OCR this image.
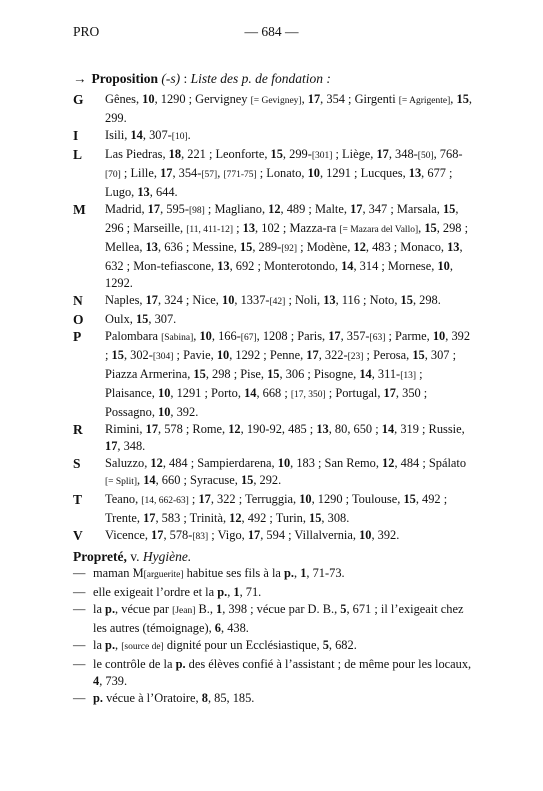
PRO	— 684 —
→ Proposition (-s) : Liste des p. de fondation :
G Gênes, 10, 1290 ; Gervigney [= Gevigney], 17, 354 ; Girgenti [= Agrigente], 15, 299.
I Isili, 14, 307-[10].
L Las Piedras, 18, 221 ; Leonforte, 15, 299-[301] ; Liège, 17, 348-[50], 768-[70] ; Lille, 17, 354-[57], [771-75] ; Lonato, 10, 1291 ; Lucques, 13, 677 ; Lugo, 13, 644.
M Madrid, 17, 595-[98] ; Magliano, 12, 489 ; Malte, 17, 347 ; Marsala, 15, 296 ; Marseille, [11, 411-12] ; 13, 102 ; Mazza-ra [= Mazara del Vallo], 15, 298 ; Mellea, 13, 636 ; Messine, 15, 289-[92] ; Modène, 12, 483 ; Monaco, 13, 632 ; Mon-tefiascone, 13, 692 ; Monterotondo, 14, 314 ; Mornese, 10, 1292.
N Naples, 17, 324 ; Nice, 10, 1337-[42] ; Noli, 13, 116 ; Noto, 15, 298.
O Oulx, 15, 307.
P Palombara [Sabina], 10, 166-[67], 1208 ; Paris, 17, 357-[63] ; Parme, 10, 392 ; 15, 302-[304] ; Pavie, 10, 1292 ; Penne, 17, 322-[23] ; Perosa, 15, 307 ; Piazza Armerina, 15, 298 ; Pise, 15, 306 ; Pisogne, 14, 311-[13] ; Plaisance, 10, 1291 ; Porto, 14, 668 ; [17, 350] ; Portugal, 17, 350 ; Possagno, 10, 392.
R Rimini, 17, 578 ; Rome, 12, 190-92, 485 ; 13, 80, 650 ; 14, 319 ; Russie, 17, 348.
S Saluzzo, 12, 484 ; Sampierdarena, 10, 183 ; San Remo, 12, 484 ; Spálato [= Split], 14, 660 ; Syracuse, 15, 292.
T Teano, [14, 662-63] ; 17, 322 ; Terruggia, 10, 1290 ; Toulouse, 15, 492 ; Trente, 17, 583 ; Trinità, 12, 492 ; Turin, 15, 308.
V Vicence, 17, 578-[83] ; Vigo, 17, 594 ; Villalvernia, 10, 392.
Propreté, v. Hygiène.
— maman M[arguerite] habitue ses fils à la p., 1, 71-73.
— elle exigeait l’ordre et la p., 1, 71.
— la p., vécue par [Jean] B., 1, 398 ; vécue par D. B., 5, 671 ; il l’exigeait chez les autres (témoignage), 6, 438.
— la p., [source de] dignité pour un Ecclésiastique, 5, 682.
— le contrôle de la p. des élèves confié à l’assistant ; de même pour les locaux, 4, 739.
— p. vécue à l’Oratoire, 8, 85, 185.
